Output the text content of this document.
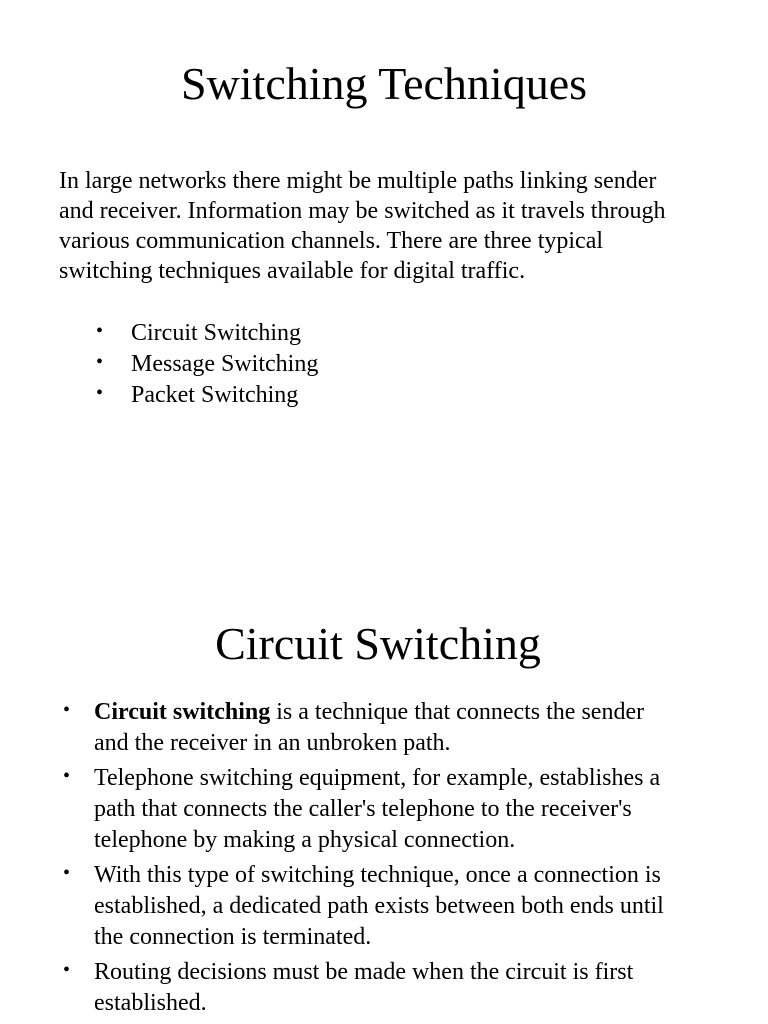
Switching Techniques

In large networks there might be multiple paths linking sender
and receiver. Information may be switched as it travels through
various communication channels. There are three typical
switching techniques available for digital traffic.

• Circuit Switching
• Message Switching
• Packet Switching
Circuit Switching
• Circuit switching is a technique that connects the sender
and the receiver in an unbroken path.
• Telephone switching equipment, for example, establishes a
path that connects the caller's telephone to the receiver's
telephone by making a physical connection.
• With this type of switching technique, once a connection is
established, a dedicated path exists between both ends until
the connection is terminated.
• Routing decisions must be made when the circuit is first
established.
